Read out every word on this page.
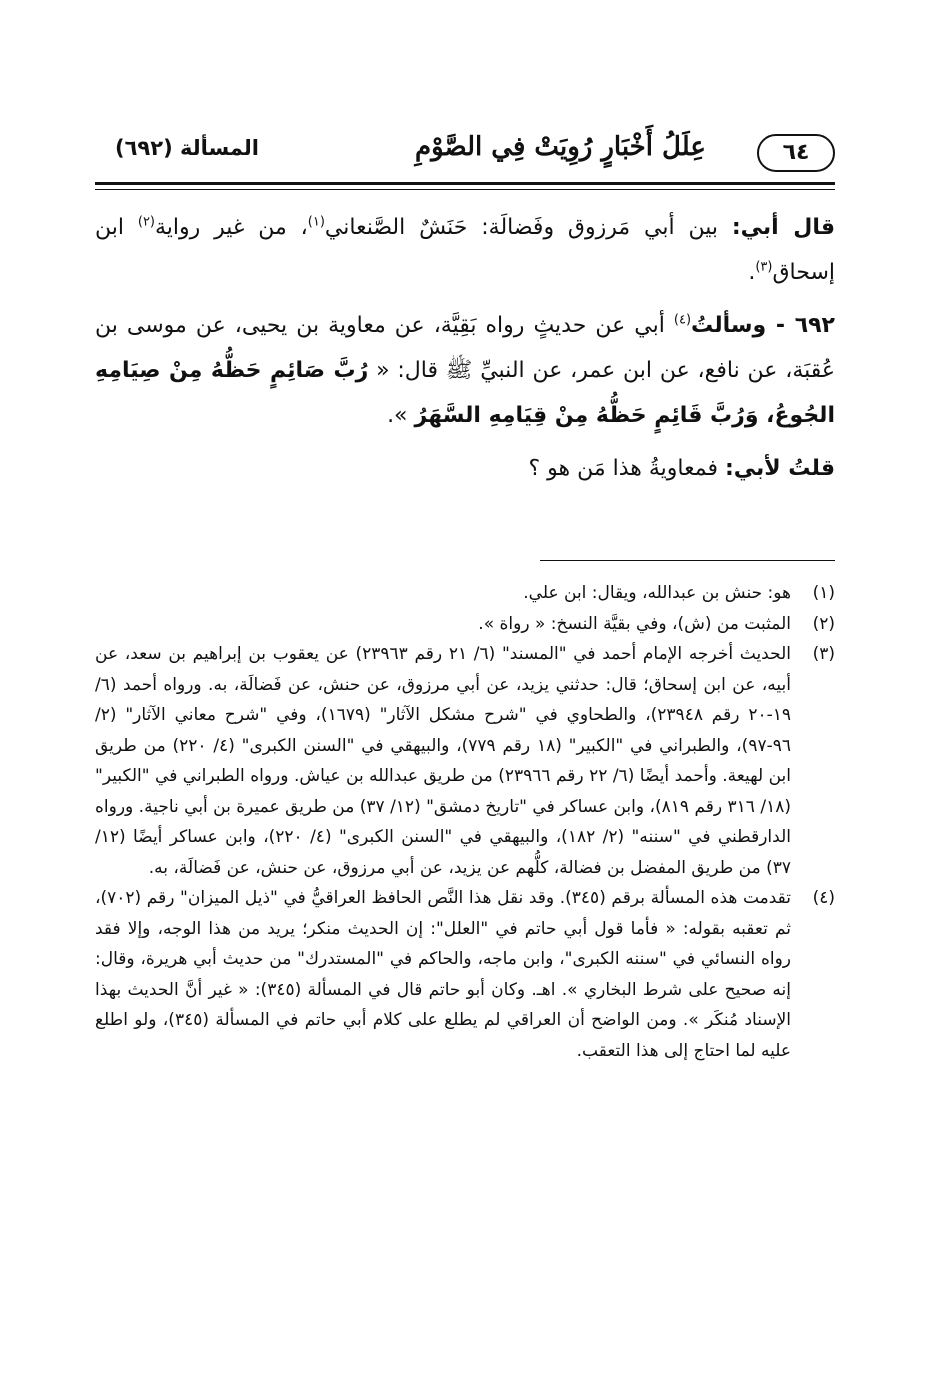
المسألة (٦٩٢)	عِلَلُ أَخْبَارٍ رُوِيَتْ فِي الصَّوْمِ	٦٤

قال أبي: بين أبي مَرزوق وفَضالَة: حَنَشٌ الصَّنعاني$^{(١)}$، من غير رواية$^{(٢)}$ ابن إسحاق$^{(٣)}$.

٦٩٢ - وسألتُ$^{(٤)}$ أبي عن حديثٍ رواه بَقِيَّة، عن معاوية بن يحيى، عن موسى بن عُقبَة، عن نافع، عن ابن عمر، عن النبيِّ ﷺ قال: « رُبَّ صَائِمٍ حَظُّهُ مِنْ صِيَامِهِ الجُوعُ، وَرُبَّ قَائِمٍ حَظُّهُ مِنْ قِيَامِهِ السَّهَرُ ».

قلتُ لأبي: فمعاويةُ هذا مَن هو ؟

(١)
هو: حنش بن عبدالله، ويقال: ابن علي.
(٢)
المثبت من (ش)، وفي بقيَّة النسخ: « رواة ».
(٣)
الحديث أخرجه الإمام أحمد في "المسند" (٦/ ٢١ رقم ٢٣٩٦٣) عن يعقوب بن إبراهيم بن سعد، عن أبيه، عن ابن إسحاق؛ قال: حدثني يزيد، عن أبي مرزوق، عن حنش، عن فَضالَة، به. ورواه أحمد (٦/ ١٩-٢٠ رقم ٢٣٩٤٨)، والطحاوي في "شرح مشكل الآثار" (١٦٧٩)، وفي "شرح معاني الآثار" (٢/ ٩٦-٩٧)، والطبراني في "الكبير" (١٨ رقم ٧٧٩)، والبيهقي في "السنن الكبرى" (٤/ ٢٢٠) من طريق ابن لهيعة. وأحمد أيضًا (٦/ ٢٢ رقم ٢٣٩٦٦) من طريق عبدالله بن عياش. ورواه الطبراني في "الكبير" (١٨/ ٣١٦ رقم ٨١٩)، وابن عساكر في "تاريخ دمشق" (١٢/ ٣٧) من طريق عميرة بن أبي ناجية. ورواه الدارقطني في "سننه" (٢/ ١٨٢)، والبيهقي في "السنن الكبرى" (٤/ ٢٢٠)، وابن عساكر أيضًا (١٢/ ٣٧) من طريق المفضل بن فضالة، كلُّهم عن يزيد، عن أبي مرزوق، عن حنش، عن فَضالَة، به.
(٤)
تقدمت هذه المسألة برقم (٣٤٥). وقد نقل هذا النَّص الحافظ العراقيُّ في "ذيل الميزان" رقم (٧٠٢)، ثم تعقبه بقوله: « فأما قول أبي حاتم في "العلل": إن الحديث منكر؛ يريد من هذا الوجه، وإلا فقد رواه النسائي في "سننه الكبرى"، وابن ماجه، والحاكم في "المستدرك" من حديث أبي هريرة، وقال: إنه صحيح على شرط البخاري ». اهـ. وكان أبو حاتم قال في المسألة (٣٤٥): « غير أنَّ الحديث بهذا الإسناد مُنكَر ». ومن الواضح أن العراقي لم يطلع على كلام أبي حاتم في المسألة (٣٤٥)، ولو اطلع عليه لما احتاج إلى هذا التعقب.
